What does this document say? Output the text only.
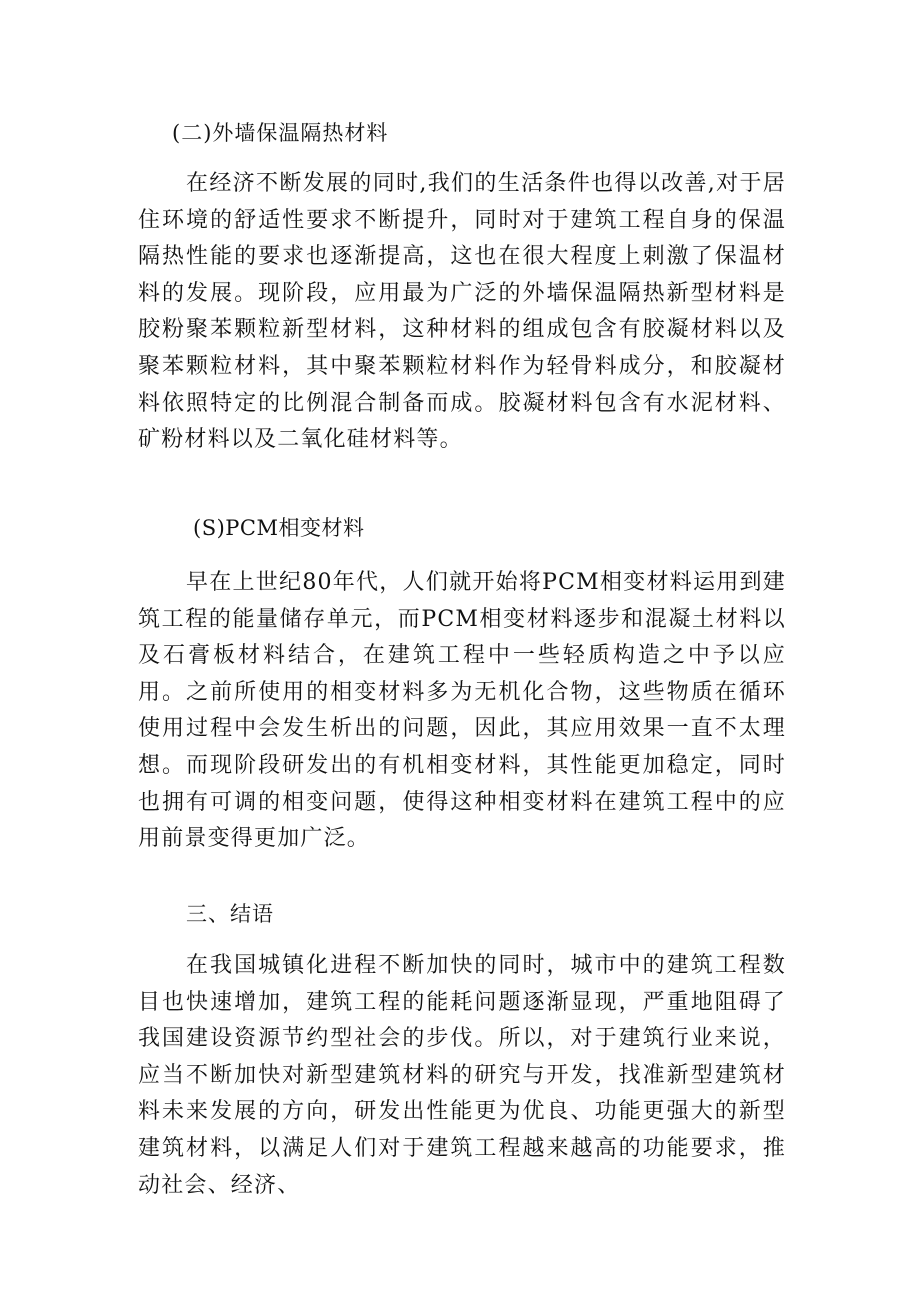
(二)外墙保温隔热材料

在经济不断发展的同时,我们的生活条件也得以改善,对于居住环境的舒适性要求不断提升，同时对于建筑工程自身的保温隔热性能的要求也逐渐提高，这也在很大程度上刺激了保温材料的发展。现阶段，应用最为广泛的外墙保温隔热新型材料是胶粉聚苯颗粒新型材料，这种材料的组成包含有胶凝材料以及聚苯颗粒材料，其中聚苯颗粒材料作为轻骨料成分，和胶凝材料依照特定的比例混合制备而成。胶凝材料包含有水泥材料、矿粉材料以及二氧化硅材料等。

(S)PCM相变材料

早在上世纪80年代，人们就开始将PCM相变材料运用到建筑工程的能量储存单元，而PCM相变材料逐步和混凝土材料以及石膏板材料结合，在建筑工程中一些轻质构造之中予以应用。之前所使用的相变材料多为无机化合物，这些物质在循环使用过程中会发生析出的问题，因此，其应用效果一直不太理想。而现阶段研发出的有机相变材料，其性能更加稳定，同时也拥有可调的相变问题，使得这种相变材料在建筑工程中的应用前景变得更加广泛。

三、结语

在我国城镇化进程不断加快的同时，城市中的建筑工程数目也快速增加，建筑工程的能耗问题逐渐显现，严重地阻碍了我国建设资源节约型社会的步伐。所以，对于建筑行业来说，应当不断加快对新型建筑材料的研究与开发，找准新型建筑材料未来发展的方向，研发出性能更为优良、功能更强大的新型建筑材料，以满足人们对于建筑工程越来越高的功能要求，推动社会、经济、
